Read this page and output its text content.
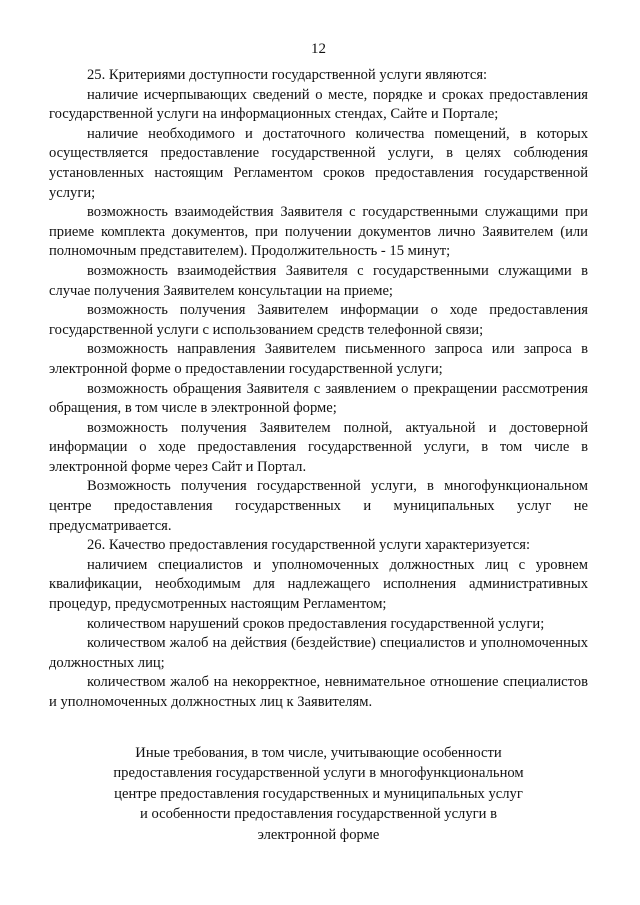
12

25. Критериями доступности государственной услуги являются:

наличие исчерпывающих сведений о месте, порядке и сроках предоставления государственной услуги на информационных стендах, Сайте и Портале;

наличие необходимого и достаточного количества помещений, в которых осуществляется предоставление государственной услуги, в целях соблюдения установленных настоящим Регламентом сроков предоставления государственной услуги;

возможность взаимодействия Заявителя с государственными служащими при приеме комплекта документов, при получении документов лично Заявителем (или полномочным представителем). Продолжительность - 15 минут;

возможность взаимодействия Заявителя с государственными служащими в случае получения Заявителем консультации на приеме;

возможность получения Заявителем информации о ходе предоставления государственной услуги с использованием средств телефонной связи;

возможность направления Заявителем письменного запроса или запроса в электронной форме о предоставлении государственной услуги;

возможность обращения Заявителя с заявлением о прекращении рассмотрения обращения, в том числе в электронной форме;

возможность получения Заявителем полной, актуальной и достоверной информации о ходе предоставления государственной услуги, в том числе в электронной форме через Сайт и Портал.

Возможность получения государственной услуги, в многофункциональном центре предоставления государственных и муниципальных услуг не предусматривается.

26. Качество предоставления государственной услуги характеризуется:

наличием специалистов и уполномоченных должностных лиц с уровнем квалификации, необходимым для надлежащего исполнения административных процедур, предусмотренных настоящим Регламентом;

количеством нарушений сроков предоставления государственной услуги;

количеством жалоб на действия (бездействие) специалистов и уполномоченных должностных лиц;

количеством жалоб на некорректное, невнимательное отношение специалистов и уполномоченных должностных лиц к Заявителям.

Иные требования, в том числе, учитывающие особенности
предоставления государственной услуги в многофункциональном
центре предоставления государственных и муниципальных услуг
и особенности предоставления государственной услуги в
электронной форме
